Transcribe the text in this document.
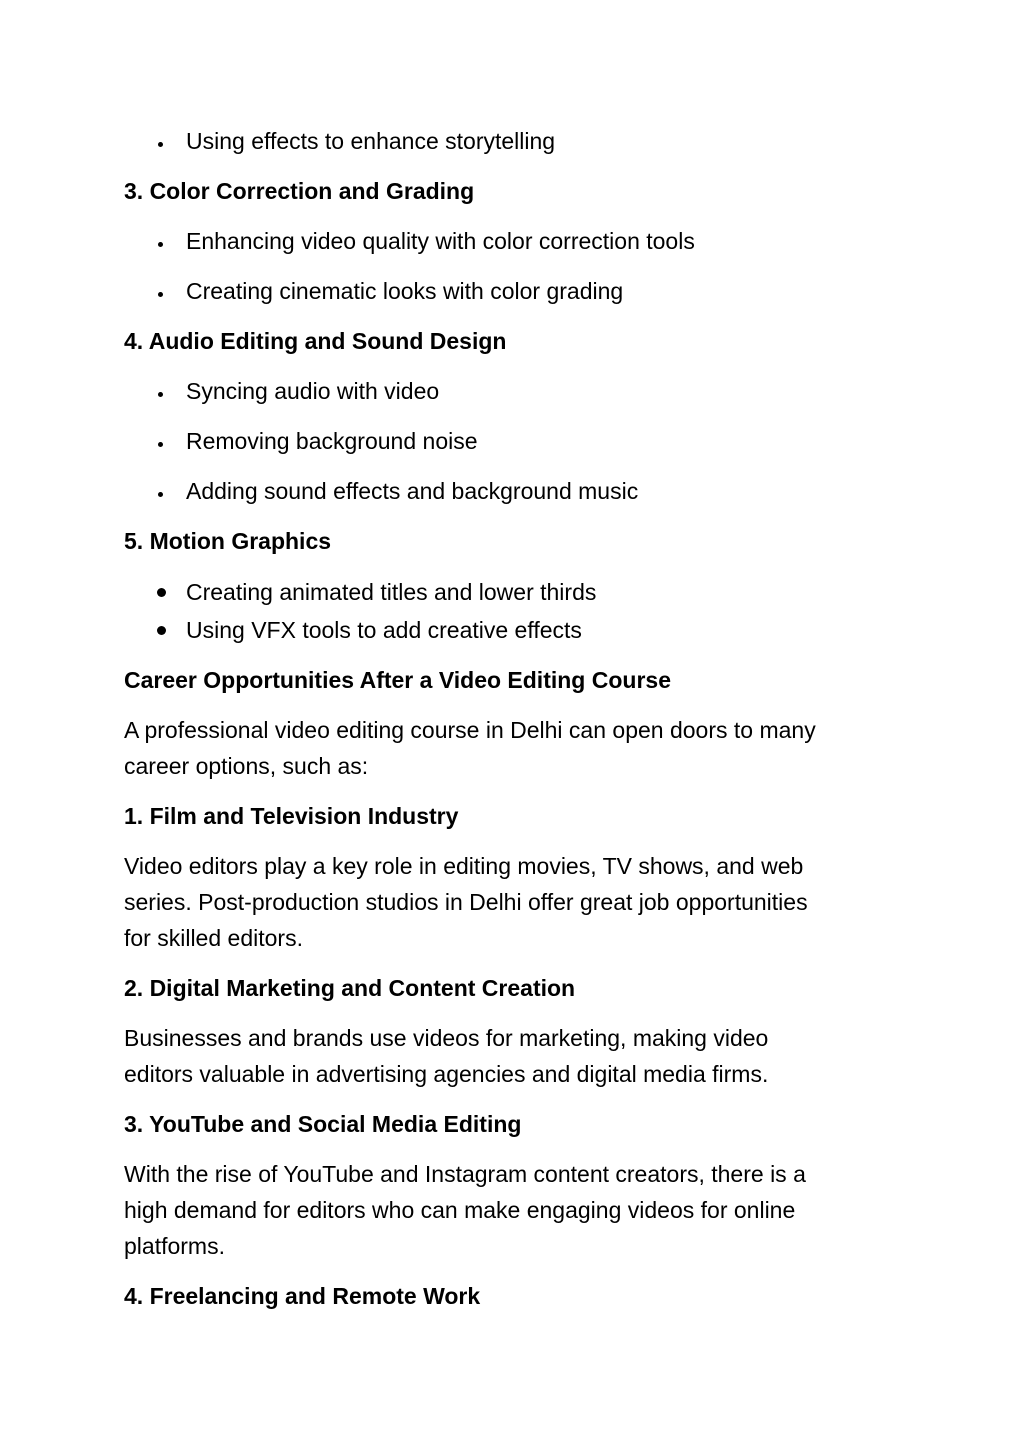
Using effects to enhance storytelling
3. Color Correction and Grading
Enhancing video quality with color correction tools
Creating cinematic looks with color grading
4. Audio Editing and Sound Design
Syncing audio with video
Removing background noise
Adding sound effects and background music
5. Motion Graphics
Creating animated titles and lower thirds
Using VFX tools to add creative effects
Career Opportunities After a Video Editing Course
A professional video editing course in Delhi can open doors to many
career options, such as:
1. Film and Television Industry
Video editors play a key role in editing movies, TV shows, and web
series. Post-production studios in Delhi offer great job opportunities
for skilled editors.
2. Digital Marketing and Content Creation
Businesses and brands use videos for marketing, making video
editors valuable in advertising agencies and digital media firms.
3. YouTube and Social Media Editing
With the rise of YouTube and Instagram content creators, there is a
high demand for editors who can make engaging videos for online
platforms.
4. Freelancing and Remote Work
